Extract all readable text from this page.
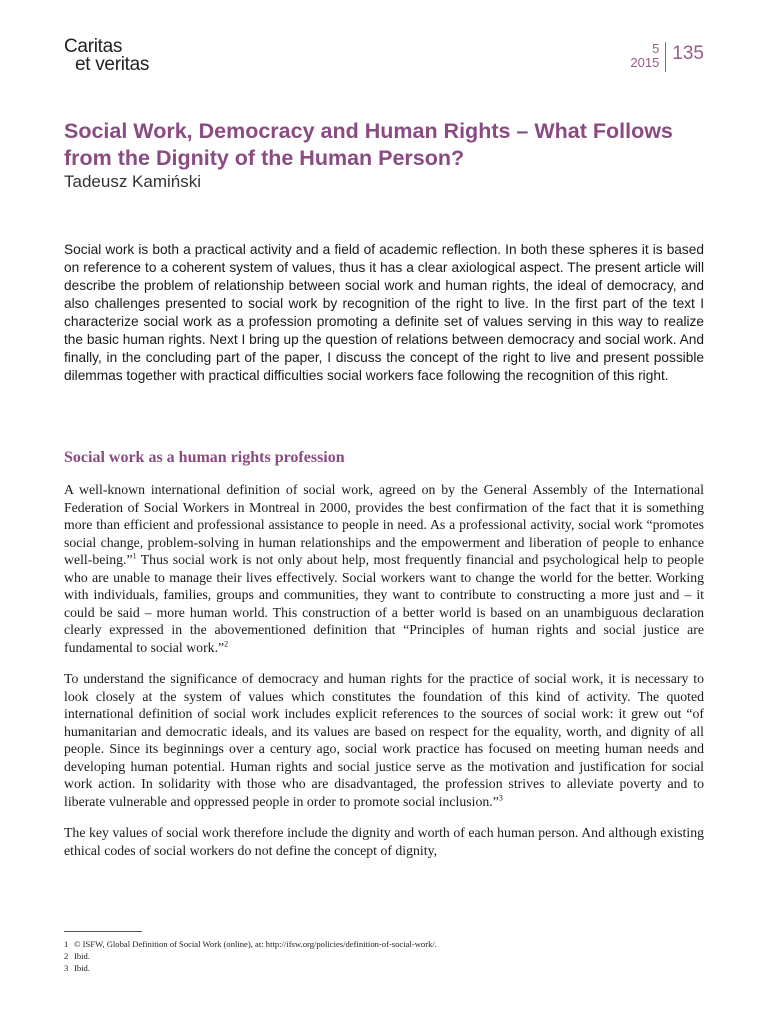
Caritas
et veritas
5
2015 135
Social Work, Democracy and Human Rights – What Follows from the Dignity of the Human Person?
Tadeusz Kamiński

Social work is both a practical activity and a field of academic reflection. In both these spheres it is based on reference to a coherent system of values, thus it has a clear axiological aspect. The present article will describe the problem of relationship between social work and human rights, the ideal of democracy, and also challenges presented to social work by recognition of the right to live. In the first part of the text I characterize social work as a profession promoting a definite set of values serving in this way to realize the basic human rights. Next I bring up the question of relations between democracy and social work. And finally, in the concluding part of the paper, I discuss the concept of the right to live and present possible dilemmas together with practical difficulties social workers face following the recognition of this right.

Social work as a human rights profession

A well-known international definition of social work, agreed on by the General Assembly of the International Federation of Social Workers in Montreal in 2000, provides the best confirmation of the fact that it is something more than efficient and professional assistance to people in need. As a professional activity, social work “promotes social change, problem-solving in human relationships and the empowerment and liberation of people to enhance well-being.”$^1$ Thus social work is not only about help, most frequently financial and psychological help to people who are unable to manage their lives effectively. Social workers want to change the world for the better. Working with individuals, families, groups and communities, they want to contribute to constructing a more just and – it could be said – more human world. This construction of a better world is based on an unambiguous declaration clearly expressed in the abovementioned definition that “Principles of human rights and social justice are fundamental to social work.”$^2$

To understand the significance of democracy and human rights for the practice of social work, it is necessary to look closely at the system of values which constitutes the foundation of this kind of activity. The quoted international definition of social work includes explicit references to the sources of social work: it grew out “of humanitarian and democratic ideals, and its values are based on respect for the equality, worth, and dignity of all people. Since its beginnings over a century ago, social work practice has focused on meeting human needs and developing human potential. Human rights and social justice serve as the motivation and justification for social work action. In solidarity with those who are disadvantaged, the profession strives to alleviate poverty and to liberate vulnerable and oppressed people in order to promote social inclusion.”$^3$

The key values of social work therefore include the dignity and worth of each human person. And although existing ethical codes of social workers do not define the concept of dignity,

1 © ISFW, Global Definition of Social Work (online), at: http://ifsw.org/policies/definition-of-social-work/.
2 Ibid.
3 Ibid.
